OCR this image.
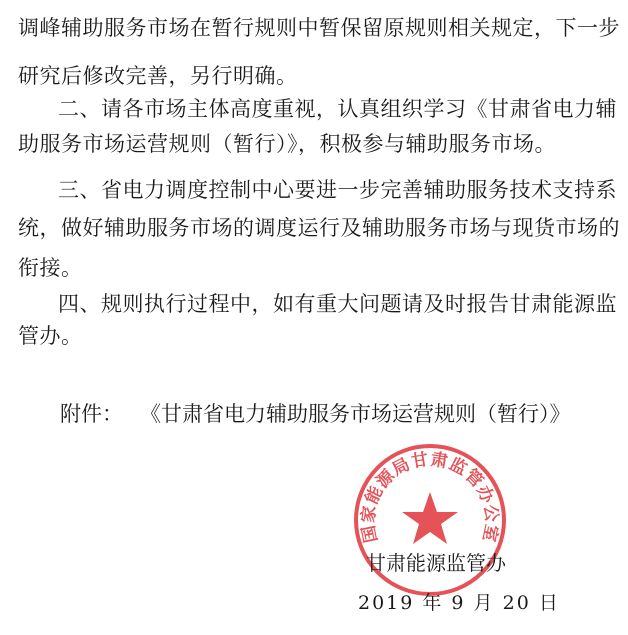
调峰辅助服务市场在暂行规则中暂保留原规则相关规定，下一步
研究后修改完善，另行明确。
二、请各市场主体高度重视，认真组织学习《甘肃省电力辅
助服务市场运营规则（暂行）》，积极参与辅助服务市场。
三、省电力调度控制中心要进一步完善辅助服务技术支持系
统，做好辅助服务市场的调度运行及辅助服务市场与现货市场的
衔接。
四、规则执行过程中，如有重大问题请及时报告甘肃能源监
管办。
附件： 《甘肃省电力辅助服务市场运营规则（暂行）》
国家能源局甘肃监管办公室
甘肃能源监管办
2019 年 9 月 20 日
